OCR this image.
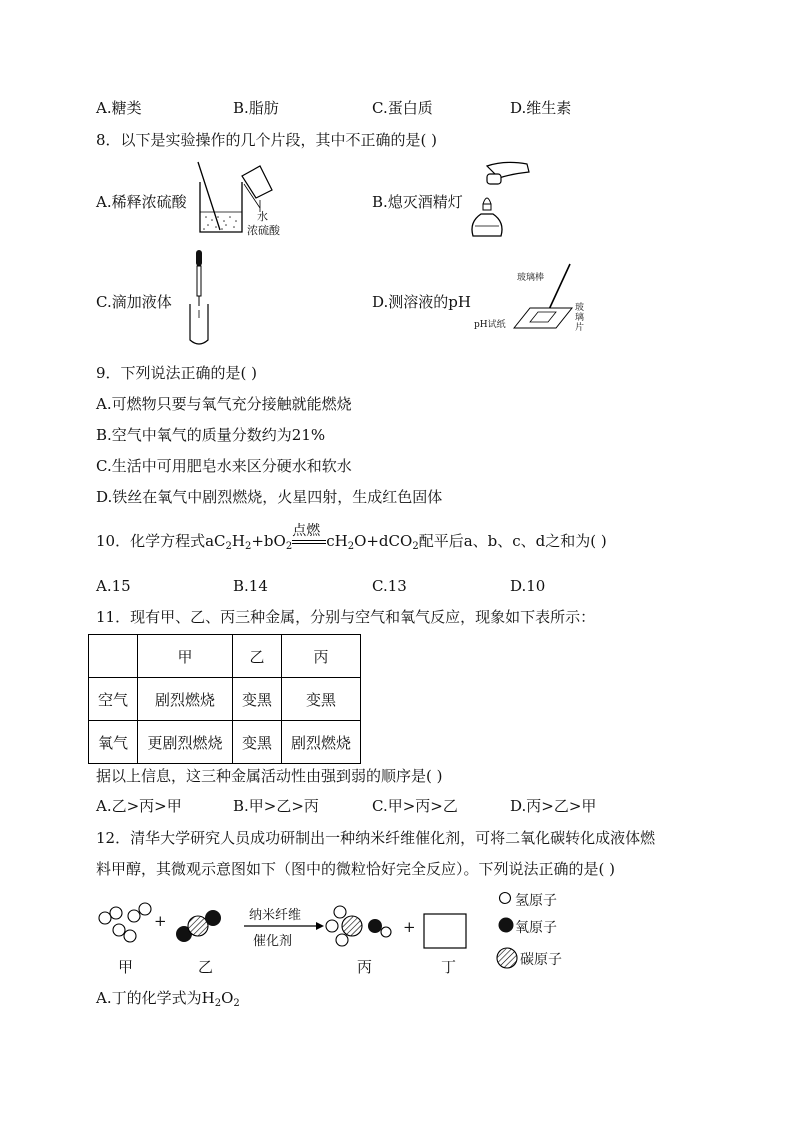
A.糖类	B.脂肪	C.蛋白质	D.维生素
8．以下是实验操作的几个片段，其中不正确的是( )
A.稀释浓硫酸
水
浓硫酸
B.熄灭酒精灯
C.滴加液体	D.测溶液的pH
玻璃棒
pH试纸
玻璃片
9．下列说法正确的是( )
A.可燃物只要与氧气充分接触就能燃烧
B.空气中氧气的质量分数约为21%
C.生活中可用肥皂水来区分硬水和软水
D.铁丝在氧气中剧烈燃烧，火星四射，生成红色固体
10．化学方程式$aC_2H_2+bO_2$
点燃
$cH_2O+dCO_2$配平后a、b、c、d之和为( )
A.15	B.14	C.13	D.10
11．现有甲、乙、丙三种金属，分别与空气和氧气反应，现象如下表所示：
	甲	乙	丙
空气	剧烈燃烧	变黑	变黑
氧气	更剧烈燃烧	变黑	剧烈燃烧
据以上信息，这三种金属活动性由强到弱的顺序是( )
A.乙>丙>甲	B.甲>乙>丙	C.甲>丙>乙	D.丙>乙>甲
12．清华大学研究人员成功研制出一种纳米纤维催化剂，可将二氧化碳转化成液体燃
料甲醇，其微观示意图如下（图中的微粒恰好完全反应）。下列说法正确的是( )
+	+
纳米纤维
催化剂
甲	乙	丙	丁
氢原子
氧原子
碳原子
A.丁的化学式为$H_2O_2$
